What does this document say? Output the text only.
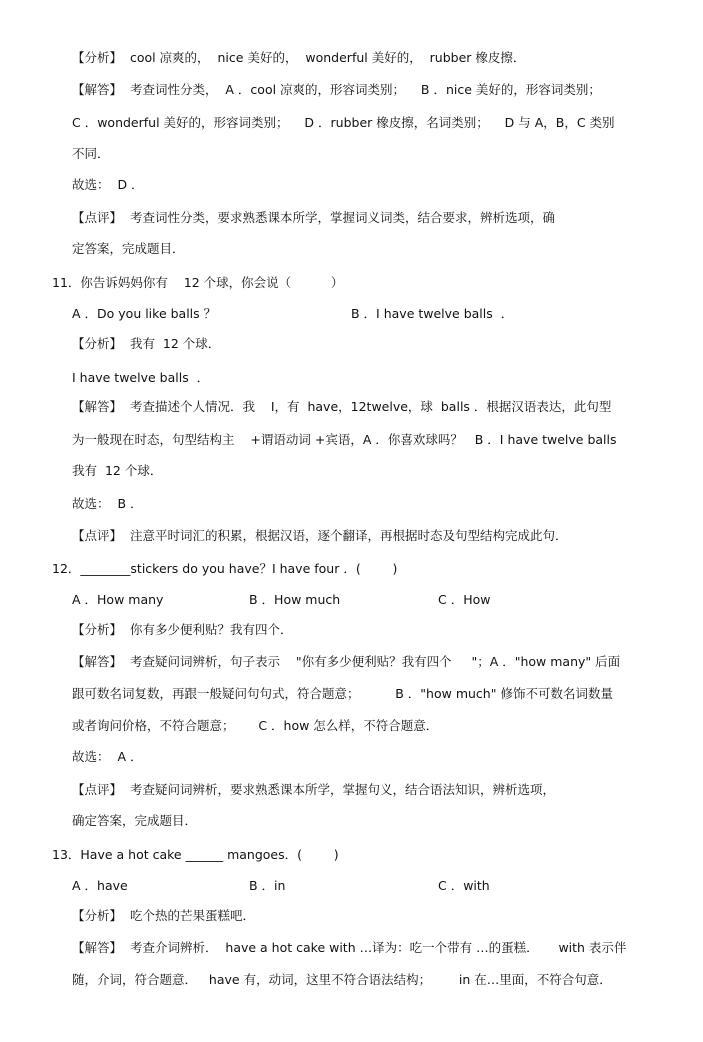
【分析】  cool 凉爽的，  nice 美好的，  wonderful 美好的，  rubber 橡皮擦．
【解答】  考查词性分类，  A ．cool 凉爽的，形容词类别；    B ．nice 美好的，形容词类别；
C ．wonderful 美好的，形容词类别；    D ．rubber 橡皮擦，名词类别；    D 与 A，B，C 类别
不同．
故选：  D ．
【点评】  考查词性分类，要求熟悉课本所学，掌握词义词类，结合要求，辨析选项，确
定答案，完成题目．
11．你告诉妈妈你有    12 个球，你会说（          ）
A ．Do you like balls ？	B ．I have twelve balls  ．
【分析】  我有  12 个球．
I have twelve balls  ．
【解答】  考查描述个人情况．我    I，有  have，12twelve，球  balls ．根据汉语表达，此句型
为一般现在时态，句型结构主    +谓语动词 +宾语，A ．你喜欢球吗？   B ．I have twelve balls
我有  12 个球．
故选：  B ．
【点评】  注意平时词汇的积累，根据汉语，逐个翻译，再根据时态及句型结构完成此句．
12．________stickers do you have？I have four ．(        )
A ．How many	B ．How much	C ．How
【分析】  你有多少便利贴？我有四个．
【解答】  考查疑问词辨析，句子表示    "你有多少便利贴？我有四个     "；A ．"how many" 后面
跟可数名词复数，再跟一般疑问句句式，符合题意；         B ．"how much" 修饰不可数名词数量
或者询问价格，不符合题意；      C ．how 怎么样，不符合题意．
故选：  A ．
【点评】  考查疑问词辨析，要求熟悉课本所学，掌握句义，结合语法知识，辨析选项，
确定答案，完成题目．
13．Have a hot cake ______ mangoes．(        )
A ．have	B ．in	C ．with
【分析】  吃个热的芒果蛋糕吧．
【解答】  考查介词辨析．  have a hot cake with …译为：吃一个带有 …的蛋糕．     with 表示伴
随，介词，符合题意．   have 有，动词，这里不符合语法结构；       in 在…里面，不符合句意．
